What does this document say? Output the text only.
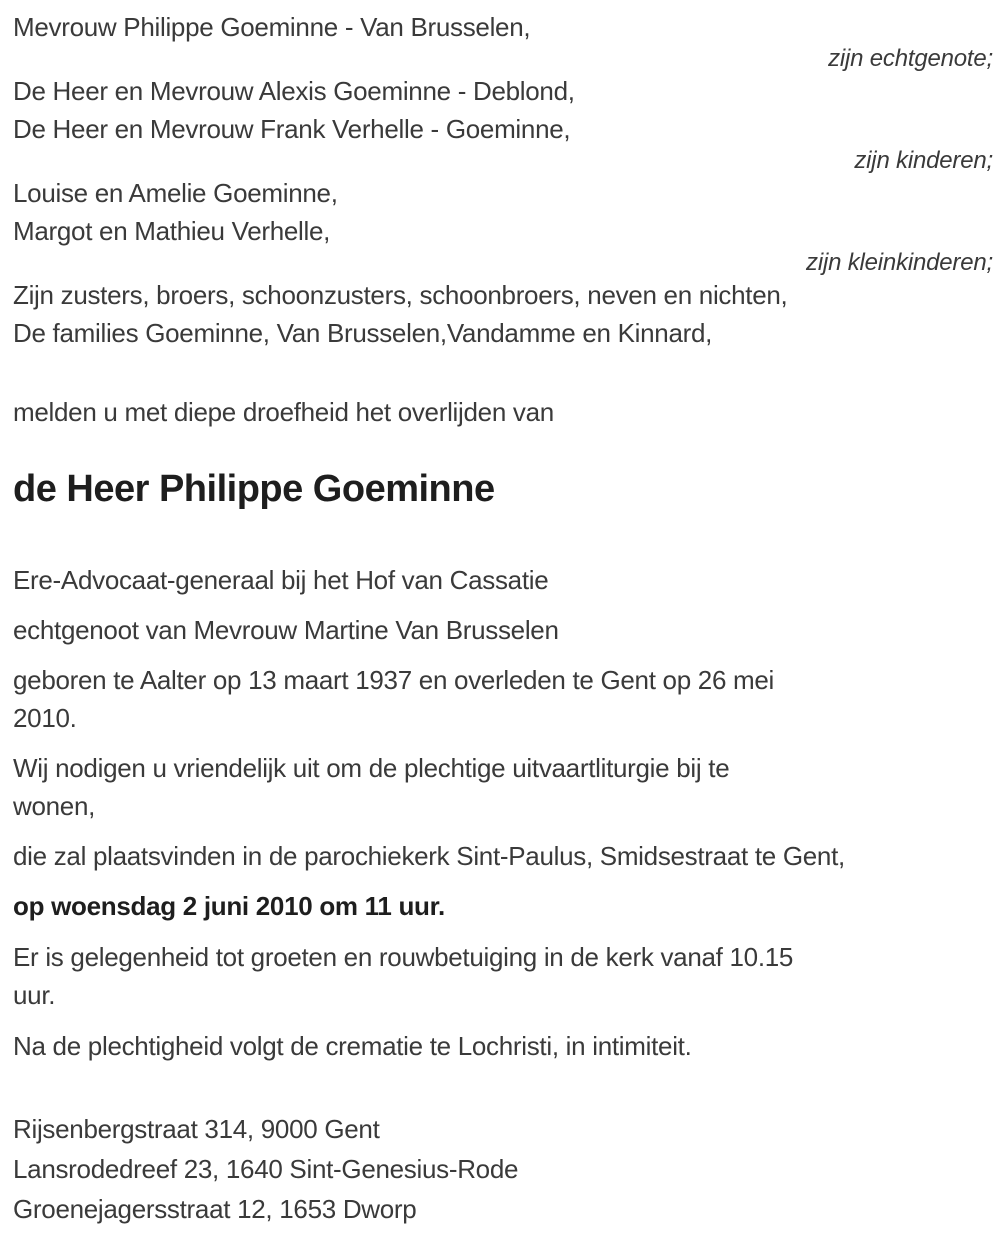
Mevrouw Philippe Goeminne - Van Brusselen,

zijn echtgenote;

De Heer en Mevrouw Alexis Goeminne - Deblond,

De Heer en Mevrouw Frank Verhelle - Goeminne,

zijn kinderen;

Louise en Amelie Goeminne,

Margot en Mathieu Verhelle,

zijn kleinkinderen;

Zijn zusters, broers, schoonzusters, schoonbroers, neven en nichten,

De families Goeminne, Van Brusselen,Vandamme en Kinnard,

melden u met diepe droefheid het overlijden van

de Heer Philippe Goeminne

Ere-Advocaat-generaal bij het Hof van Cassatie

echtgenoot van Mevrouw Martine Van Brusselen

geboren te Aalter op 13 maart 1937 en overleden te Gent op 26 mei
2010.

Wij nodigen u vriendelijk uit om de plechtige uitvaartliturgie bij te
wonen,

die zal plaatsvinden in de parochiekerk Sint-Paulus, Smidsestraat te Gent,

op woensdag 2 juni 2010 om 11 uur.

Er is gelegenheid tot groeten en rouwbetuiging in de kerk vanaf 10.15
uur.

Na de plechtigheid volgt de crematie te Lochristi, in intimiteit.

Rijsenbergstraat 314, 9000 Gent

Lansrodedreef 23, 1640 Sint-Genesius-Rode

Groenejagersstraat 12, 1653 Dworp
